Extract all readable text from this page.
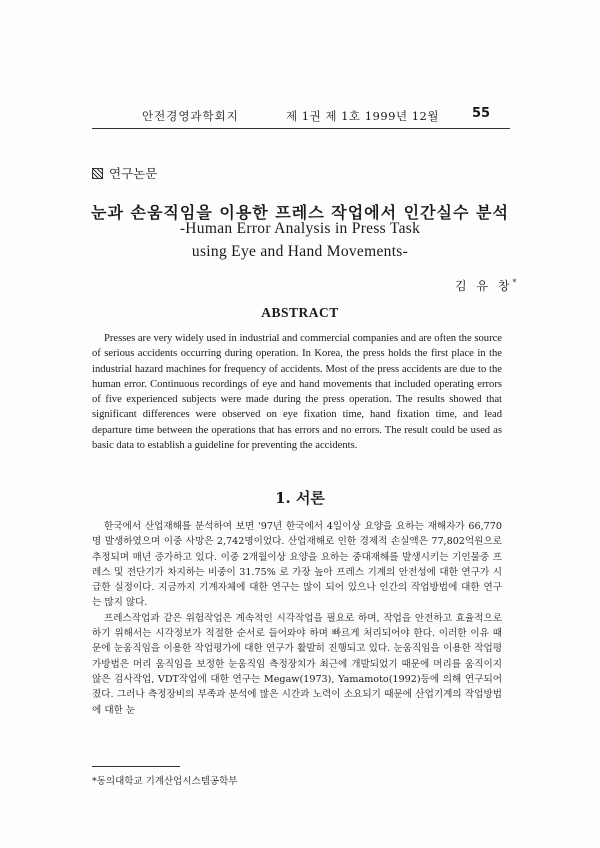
안전경영과학회지	제 1권 제 1호 1999년 12월	55
연구논문
눈과 손움직임을 이용한 프레스 작업에서 인간실수 분석
-Human Error Analysis in Press Task
using Eye and Hand Movements-
김 유 창*
ABSTRACT

Presses are very widely used in industrial and commercial companies and are often the source of serious accidents occurring during operation. In Korea, the press holds the first place in the industrial hazard machines for frequency of accidents. Most of the press accidents are due to the human error. Continuous recordings of eye and hand movements that included operating errors of five experienced subjects were made during the press operation. The results showed that significant differences were observed on eye fixation time, hand fixation time, and lead departure time between the operations that has errors and no errors. The result could be used as basic data to establish a guideline for preventing the accidents.

1. 서론

한국에서 산업재해를 분석하여 보면 '97년 한국에서 4일이상 요양을 요하는 재해자가 66,770명 발생하였으며 이중 사망은 2,742명이었다. 산업재해로 인한 경제적 손실액은 77,802억원으로 추정되며 매년 증가하고 있다. 이중 2개월이상 요양을 요하는 중대재해를 발생시키는 기인물중 프레스 및 전단기가 차지하는 비중이 31.75% 로 가장 높아 프레스 기계의 안전성에 대한 연구가 시급한 실정이다. 지금까지 기계자체에 대한 연구는 많이 되어 있으나 인간의 작업방법에 대한 연구는 많지 않다.

프레스작업과 같은 위험작업은 계속적인 시각작업을 필요로 하며, 작업을 안전하고 효율적으로 하기 위해서는 시각정보가 적절한 순서로 들어와야 하며 빠르게 처리되어야 한다. 이러한 이유 때문에 눈움직임을 이용한 작업평가에 대한 연구가 활발히 진행되고 있다. 눈움직임을 이용한 작업평가방법은 머리 움직임을 보정한 눈움직임 측정장치가 최근에 개발되었기 때문에 머리를 움직이지 않은 검사작업, VDT작업에 대한 연구는 Megaw(1973), Yamamoto(1992)등에 의해 연구되어 졌다. 그러나 측정장비의 부족과 분석에 많은 시간과 노력이 소요되기 때문에 산업기계의 작업방법에 대한 눈

*동의대학교 기계산업시스템공학부
